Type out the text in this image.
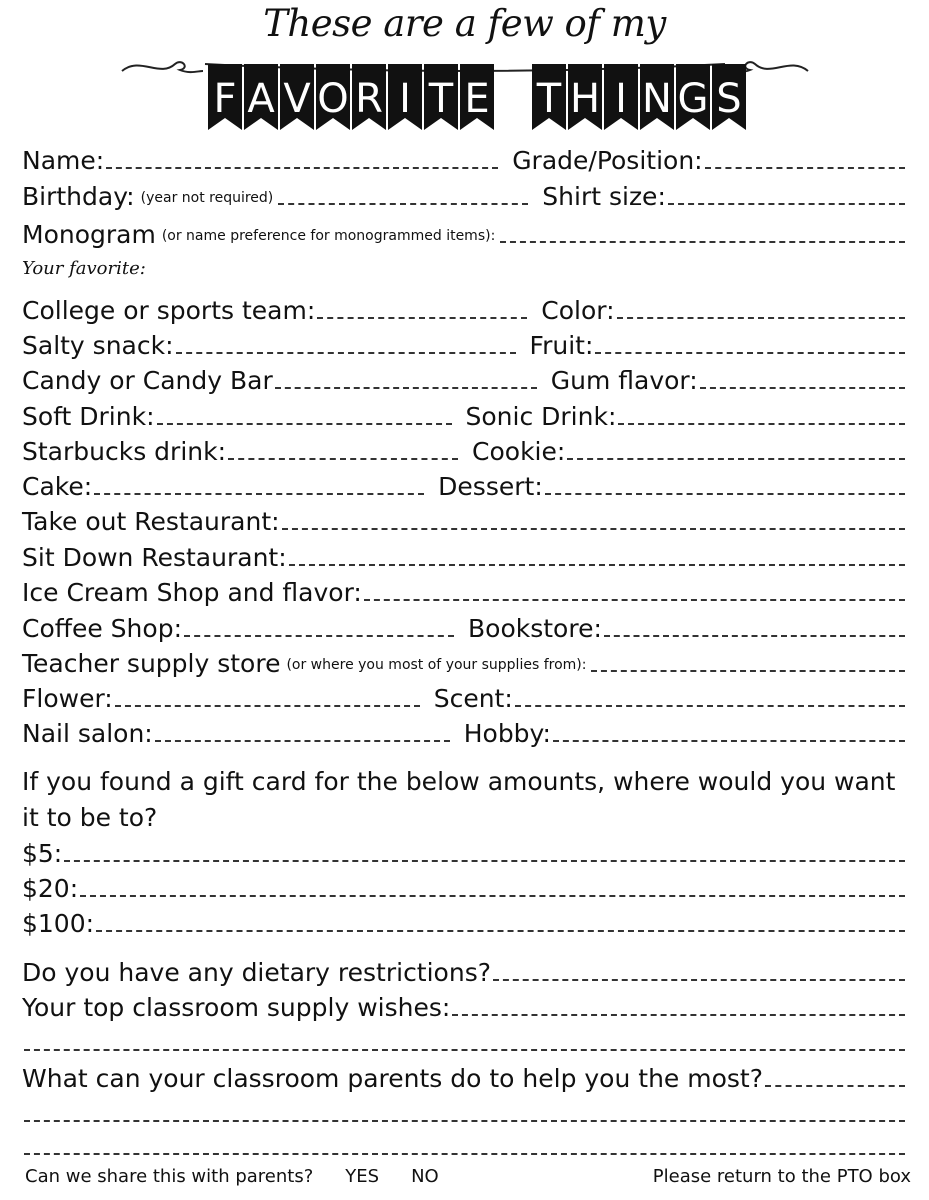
These are a few of my
F A V O R I T E T H I N G S
Name:	Grade/Position:
Birthday: (year not required)	Shirt size:
Monogram (or name preference for monogrammed items):
Your favorite:
College or sports team:	Color:
Salty snack:	Fruit:
Candy or Candy Bar	Gum flavor:
Soft Drink:	Sonic Drink:
Starbucks drink:	Cookie:
Cake:	Dessert:
Take out Restaurant:
Sit Down Restaurant:
Ice Cream Shop and flavor:
Coffee Shop:	Bookstore:
Teacher supply store (or where you most of your supplies from):
Flower:	Scent:
Nail salon:	Hobby:
If you found a gift card for the below amounts, where would you want it to be to?
$5:
$20:
$100:
Do you have any dietary restrictions?
Your top classroom supply wishes:
What can your classroom parents do to help you the most?
Can we share this with parents? YES NO	Please return to the PTO box
